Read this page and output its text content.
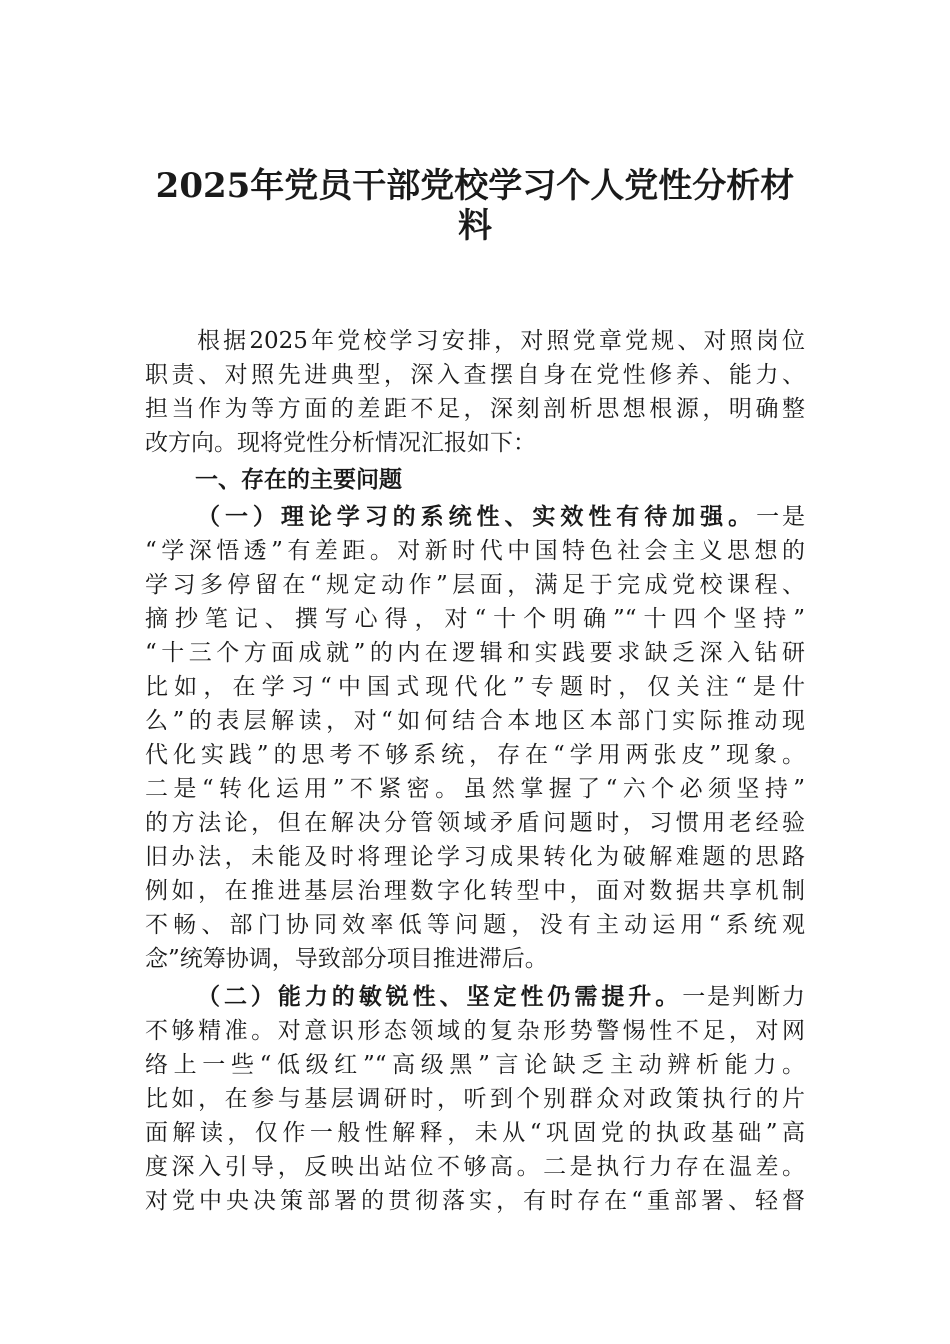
2025年党员干部党校学习个人党性分析材
料
根据2025年党校学习安排，对照党章党规、对照岗位
职责、对照先进典型，深入查摆自身在党性修养、能力、
担当作为等方面的差距不足，深刻剖析思想根源，明确整
改方向。现将党性分析情况汇报如下：
一、存在的主要问题
（一）理论学习的系统性、实效性有待加强。一是
“学深悟透”有差距。对新时代中国特色社会主义思想的
学习多停留在“规定动作”层面，满足于完成党校课程、
摘抄笔记、撰写心得，对“十个明确”“十四个坚持”
“十三个方面成就”的内在逻辑和实践要求缺乏深入钻研
比如，在学习“中国式现代化”专题时，仅关注“是什
么”的表层解读，对“如何结合本地区本部门实际推动现
代化实践”的思考不够系统，存在“学用两张皮”现象。
二是“转化运用”不紧密。虽然掌握了“六个必须坚持”
的方法论，但在解决分管领域矛盾问题时，习惯用老经验
旧办法，未能及时将理论学习成果转化为破解难题的思路
例如，在推进基层治理数字化转型中，面对数据共享机制
不畅、部门协同效率低等问题，没有主动运用“系统观
念”统筹协调，导致部分项目推进滞后。
（二）能力的敏锐性、坚定性仍需提升。一是判断力
不够精准。对意识形态领域的复杂形势警惕性不足，对网
络上一些“低级红”“高级黑”言论缺乏主动辨析能力。
比如，在参与基层调研时，听到个别群众对政策执行的片
面解读，仅作一般性解释，未从“巩固党的执政基础”高
度深入引导，反映出站位不够高。二是执行力存在温差。
对党中央决策部署的贯彻落实，有时存在“重部署、轻督
